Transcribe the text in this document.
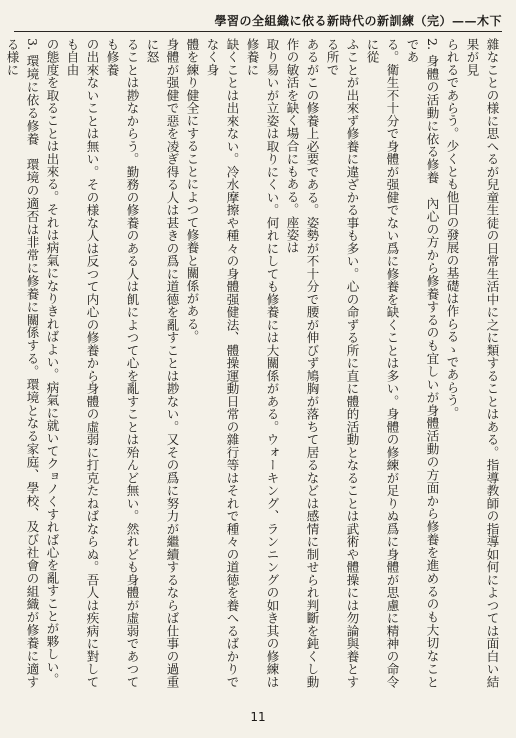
學習の全組織に依る新時代の新訓練（完）——木下

雜なことの様に思へるが兒童生徒の日常生活中に之に類することはある。指導教師の指導如何によつては面白い結果が見

られるであらう。少くとも他日の發展の基礎は作らるゝであらう。

2. 身體の活動に依る修養　內心の方から修養するのも宜しいが身體活動の方面から修養を進めるのも大切なことであ

る。衛生不十分で身體が强健でない爲に修養を缺くことは多い。身體の修練が足りぬ爲に身體が思慮に精神の命令に從

ふことが出來ず修養に違ざかる事も多い。心の命ずる所に直に體的活動となることは武術や體操には勿論與養とする所で

あるがこの修養上必要である。姿勢が不十分で腰が伸びず鳩胸が落ちて居るなどは感情に制せられ判斷を鈍くし動作の敏活を缺く場合にもある。座姿は

取り易いが立姿は取りにくい。何れにしても修養には大關係がある。ウォーキング、ランニングの如き其の修練は修養に

缺くことは出來ない。冷水摩擦や種々の身體强健法、體操運動日常の雜行等はそれで種々の道徳を養へるばかりでなく身

體を練り健全にすることによつて修養と關係がある。

身體が强健で惡を凌ぎ得る人は甚きの爲に道德を亂すことは尠ない。又その爲に努力が繼續するならば仕事の過重に怒

ることは尠なからう。勤務の修養のある人は飢によつて心を亂すことは殆んど無い。然れども身體が虛弱であつても修養

の出來ないことは無い。その様な人は反つて内心の修養から身體の虛弱に打克たねばならぬ。吾人は疾病に對しても自由

の態度を取ることは出來る。それは病氣になりきればよい。病氣に就いてクョノくすれば心を亂すことが夥しい。

3. 環境に依る修養　環境の適否は非常に修養に關係する。環境となる家庭、學校、及び社會の組織が修養に適する様に

11
